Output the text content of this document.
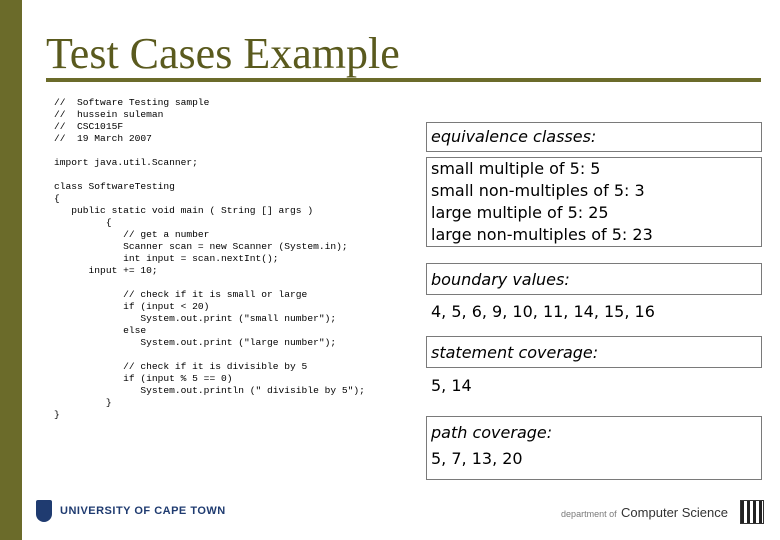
Test Cases Example
//  Software Testing sample
//  hussein suleman
//  CSC1015F
//  19 March 2007

import java.util.Scanner;

class SoftwareTesting
{
public static void main ( String [] args )
{
// get a number
Scanner scan = new Scanner (System.in);
int input = scan.nextInt();
input += 10;

// check if it is small or large
if (input < 20)
System.out.print ("small number");
else
System.out.print ("large number");

// check if it is divisible by 5
if (input % 5 == 0)
System.out.println (" divisible by 5");
}
}
equivalence classes:
small multiple of 5: 5
small non-multiples of 5: 3
large multiple of 5: 25
large non-multiples of 5: 23
boundary values:
4, 5, 6, 9, 10, 11, 14, 15, 16
statement coverage:
5, 14
path coverage:
5, 7, 13, 20
UNIVERSITY OF CAPE TOWN	department of Computer Science
